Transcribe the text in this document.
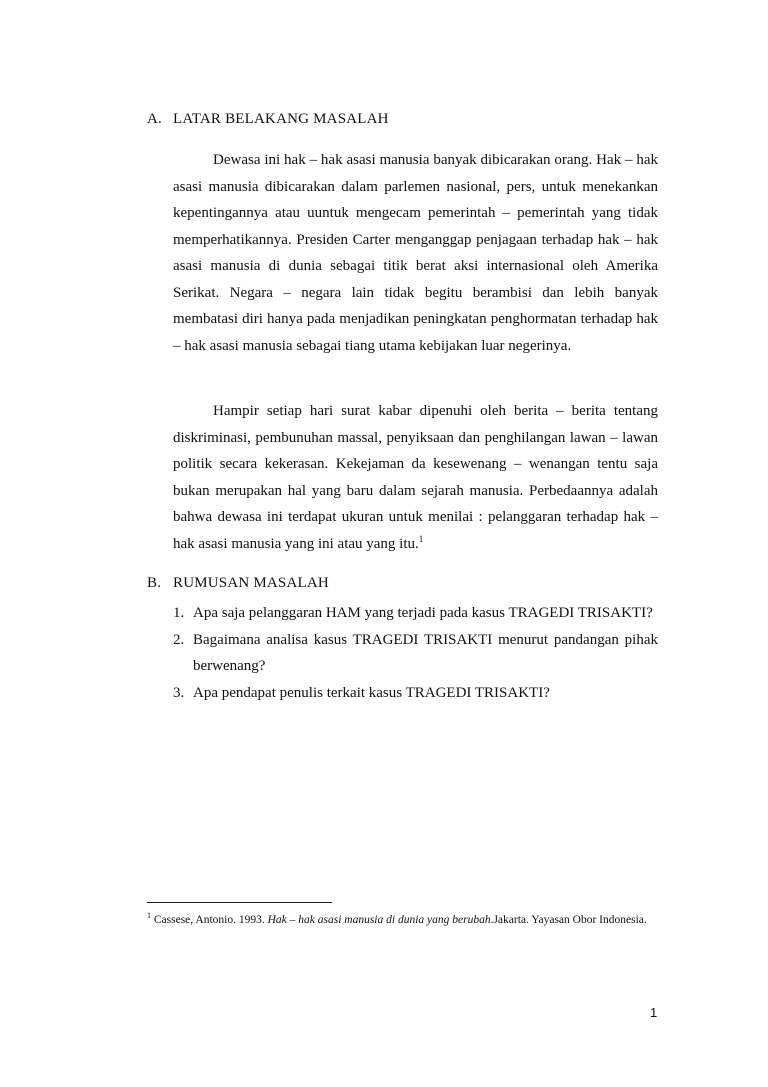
A. LATAR BELAKANG MASALAH

Dewasa ini hak – hak asasi manusia banyak dibicarakan orang. Hak – hak asasi manusia dibicarakan dalam parlemen nasional, pers, untuk menekankan kepentingannya atau uuntuk mengecam pemerintah – pemerintah yang tidak memperhatikannya. Presiden Carter menganggap penjagaan terhadap hak – hak asasi manusia di dunia sebagai titik berat aksi internasional oleh Amerika Serikat. Negara – negara lain tidak begitu berambisi dan lebih banyak membatasi diri hanya pada menjadikan peningkatan penghormatan terhadap hak – hak asasi manusia sebagai tiang utama kebijakan luar negerinya.

Hampir setiap hari surat kabar dipenuhi oleh berita – berita tentang diskriminasi, pembunuhan massal, penyiksaan dan penghilangan lawan – lawan politik secara kekerasan. Kekejaman da kesewenang – wenangan tentu saja bukan merupakan hal yang baru dalam sejarah manusia. Perbedaannya adalah bahwa dewasa ini terdapat ukuran untuk menilai : pelanggaran terhadap hak – hak asasi manusia yang ini atau yang itu.$^1$

B. RUMUSAN MASALAH
1. Apa saja pelanggaran HAM yang terjadi pada kasus TRAGEDI TRISAKTI?
2. Bagaimana analisa kasus TRAGEDI TRISAKTI menurut pandangan pihak berwenang?
3. Apa pendapat penulis terkait kasus TRAGEDI TRISAKTI?
$^1$ Cassese, Antonio. 1993. Hak – hak asasi manusia di dunia yang berubah.Jakarta. Yayasan Obor Indonesia.
1
